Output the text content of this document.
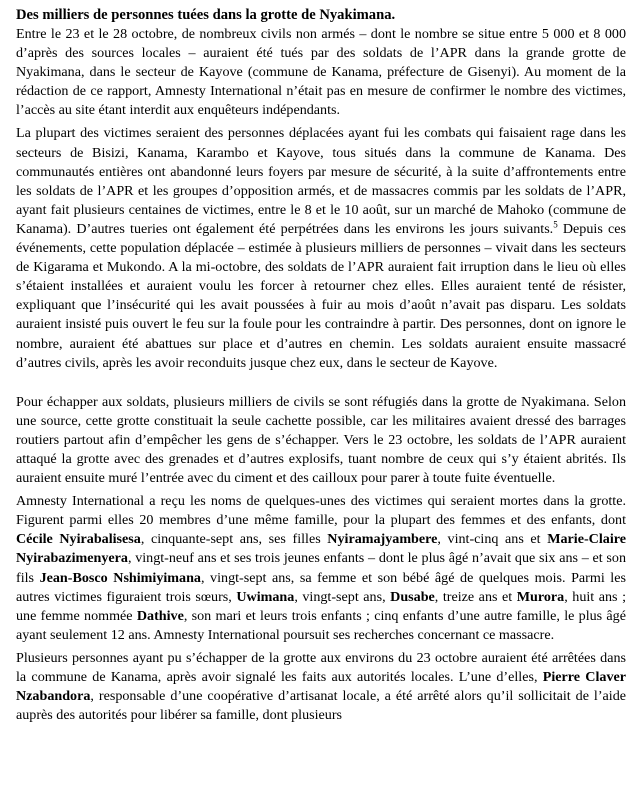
Des milliers de personnes tuées dans la grotte de Nyakimana.

Entre le 23 et le 28 octobre, de nombreux civils non armés – dont le nombre se situe entre 5 000 et 8 000 d’après des sources locales – auraient été tués par des soldats de l’APR dans la grande grotte de Nyakimana, dans le secteur de Kayove (commune de Kanama, préfecture de Gisenyi). Au moment de la rédaction de ce rapport, Amnesty International n’était pas en mesure de confirmer le nombre des victimes, l’accès au site étant interdit aux enquêteurs indépendants.

La plupart des victimes seraient des personnes déplacées ayant fui les combats qui faisaient rage dans les secteurs de Bisizi, Kanama, Karambo et Kayove, tous situés dans la commune de Kanama. Des communautés entières ont abandonné leurs foyers par mesure de sécurité, à la suite d’affrontements entre les soldats de l’APR et les groupes d’opposition armés, et de massacres commis par les soldats de l’APR, ayant fait plusieurs centaines de victimes, entre le 8 et le 10 août, sur un marché de Mahoko (commune de Kanama). D’autres tueries ont également été perpétrées dans les environs les jours suivants.$^5$ Depuis ces événements, cette population déplacée – estimée à plusieurs milliers de personnes – vivait dans les secteurs de Kigarama et Mukondo. A la mi-octobre, des soldats de l’APR auraient fait irruption dans le lieu où elles s’étaient installées et auraient voulu les forcer à retourner chez elles. Elles auraient tenté de résister, expliquant que l’insécurité qui les avait poussées à fuir au mois d’août n’avait pas disparu. Les soldats auraient insisté puis ouvert le feu sur la foule pour les contraindre à partir. Des personnes, dont on ignore le nombre, auraient été abattues sur place et d’autres en chemin. Les soldats auraient ensuite massacré d’autres civils, après les avoir reconduits jusque chez eux, dans le secteur de Kayove.

Pour échapper aux soldats, plusieurs milliers de civils se sont réfugiés dans la grotte de Nyakimana. Selon une source, cette grotte constituait la seule cachette possible, car les militaires avaient dressé des barrages routiers partout afin d’empêcher les gens de s’échapper. Vers le 23 octobre, les soldats de l’APR auraient attaqué la grotte avec des grenades et d’autres explosifs, tuant nombre de ceux qui s’y étaient abrités. Ils auraient ensuite muré l’entrée avec du ciment et des cailloux pour parer à toute fuite éventuelle.

Amnesty International a reçu les noms de quelques-unes des victimes qui seraient mortes dans la grotte. Figurent parmi elles 20 membres d’une même famille, pour la plupart des femmes et des enfants, dont Cécile Nyirabalisesa, cinquante-sept ans, ses filles Nyiramajyambere, vint-cinq ans et Marie-Claire Nyirabazimenyera, vingt-neuf ans et ses trois jeunes enfants – dont le plus âgé n’avait que six ans – et son fils Jean-Bosco Nshimiyimana, vingt-sept ans, sa femme et son bébé âgé de quelques mois. Parmi les autres victimes figuraient trois sœurs, Uwimana, vingt-sept ans, Dusabe, treize ans et Murora, huit ans ; une femme nommée Dathive, son mari et leurs trois enfants ; cinq enfants d’une autre famille, le plus âgé ayant seulement 12 ans. Amnesty International poursuit ses recherches concernant ce massacre.

Plusieurs personnes ayant pu s’échapper de la grotte aux environs du 23 octobre auraient été arrêtées dans la commune de Kanama, après avoir signalé les faits aux autorités locales. L’une d’elles, Pierre Claver Nzabandora, responsable d’une coopérative d’artisanat locale, a été arrêté alors qu’il sollicitait de l’aide auprès des autorités pour libérer sa famille, dont plusieurs
